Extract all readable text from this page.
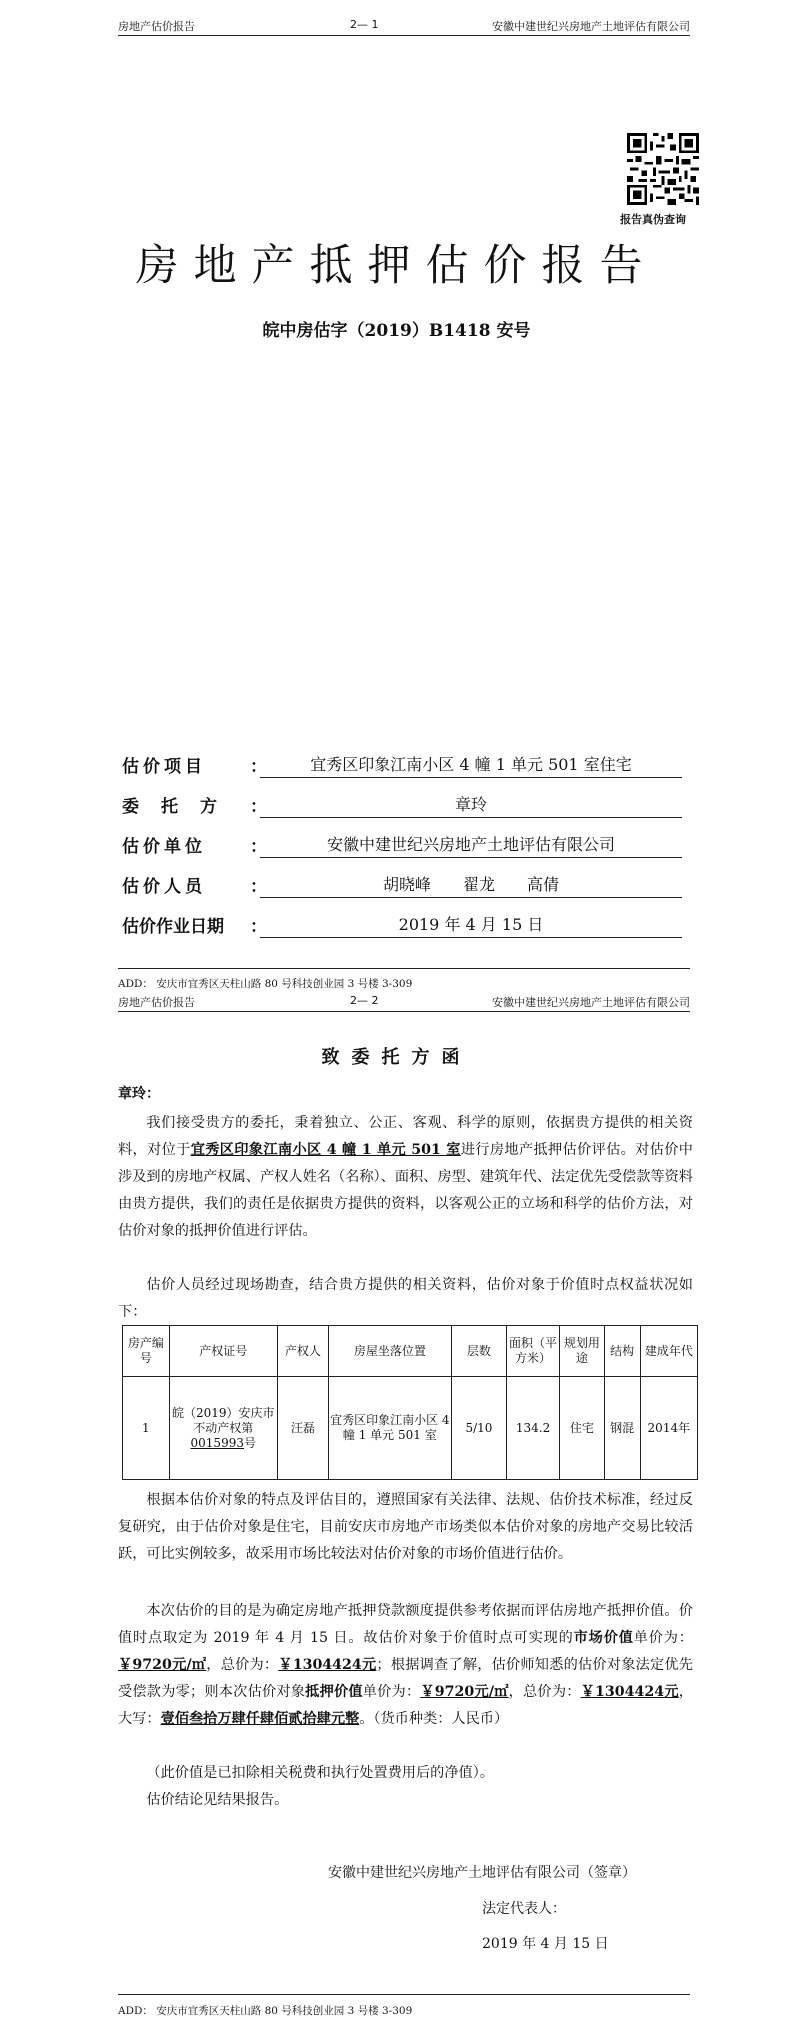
房地产估价报告	2— 1	安徽中建世纪兴房地产土地评估有限公司
报告真伪查询
房地产抵押估价报告
皖中房估字（2019）B1418 安号
估价项目	：	宜秀区印象江南小区 4 幢 1 单元 501 室住宅
委托方 ：	章玲
估价单位	：	安徽中建世纪兴房地产土地评估有限公司
估价人员	：	胡晓峰　　翟龙　　高倩
估价作业日期 ：	2019 年 4 月 15 日
ADD： 安庆市宜秀区天柱山路 80 号科技创业园 3 号楼 3-309
房地产估价报告	2— 2	安徽中建世纪兴房地产土地评估有限公司
致委托方函
章玲：
我们接受贵方的委托，秉着独立、公正、客观、科学的原则，依据贵方提供的相关资料，对位于宜秀区印象江南小区 4 幢 1 单元 501 室进行房地产抵押估价评估。对估价中涉及到的房地产权属、产权人姓名（名称）、面积、房型、建筑年代、法定优先受偿款等资料由贵方提供，我们的责任是依据贵方提供的资料，以客观公正的立场和科学的估价方法，对估价对象的抵押价值进行评估。
估价人员经过现场勘查，结合贵方提供的相关资料，估价对象于价值时点权益状况如下：
房产编号	产权证号	产权人	房屋坐落位置	层数	面积（平方米）	规划用途	结构	建成年代
1	皖（2019）安庆市不动产权第0015993号	汪磊	宜秀区印象江南小区 4 幢 1 单元 501 室	5/10	134.2	住宅	钢混	2014年
根据本估价对象的特点及评估目的，遵照国家有关法律、法规、估价技术标准，经过反复研究，由于估价对象是住宅，目前安庆市房地产市场类似本估价对象的房地产交易比较活跃，可比实例较多，故采用市场比较法对估价对象的市场价值进行估价。
本次估价的目的是为确定房地产抵押贷款额度提供参考依据而评估房地产抵押价值。价值时点取定为 2019 年 4 月 15 日。故估价对象于价值时点可实现的市场价值单价为：￥9720元/㎡，总价为：￥1304424元；根据调查了解，估价师知悉的估价对象法定优先受偿款为零；则本次估价对象抵押价值单价为：￥9720元/㎡，总价为：￥1304424元，大写：壹佰叁拾万肆仟肆佰贰拾肆元整。（货币种类：人民币）
（此价值是已扣除相关税费和执行处置费用后的净值）。
估价结论见结果报告。
安徽中建世纪兴房地产土地评估有限公司（签章）
法定代表人：
2019 年 4 月 15 日
ADD： 安庆市宜秀区天柱山路 80 号科技创业园 3 号楼 3-309
